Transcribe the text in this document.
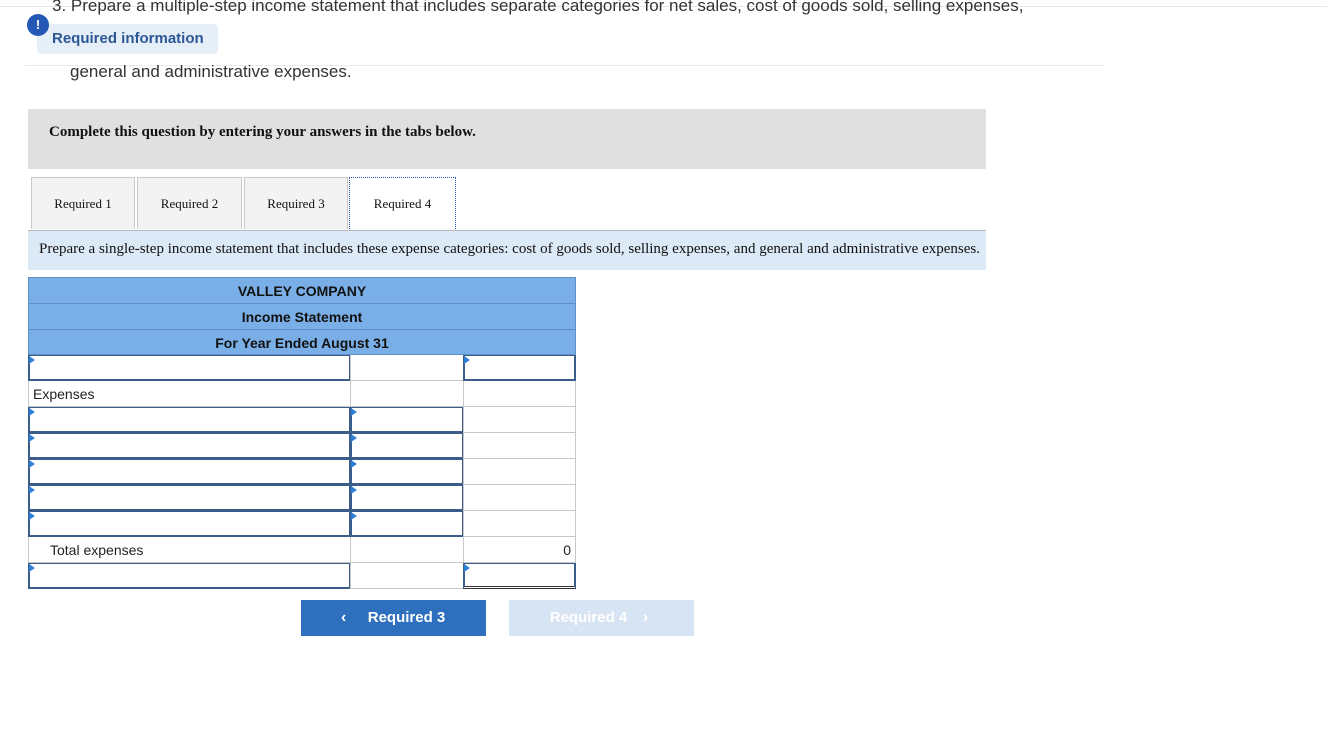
3. Prepare a multiple-step income statement that includes separate categories for net sales, cost of goods sold, selling expenses,
!
Required information
general and administrative expenses.
Complete this question by entering your answers in the tabs below.
Required 1	Required 2	Required 3	Required 4
Prepare a single-step income statement that includes these expense categories: cost of goods sold, selling expenses, and general and administrative expenses.
VALLEY COMPANY
Income Statement
For Year Ended August 31
Expenses
Total expenses	0
‹ Required 3	Required 4 ›
